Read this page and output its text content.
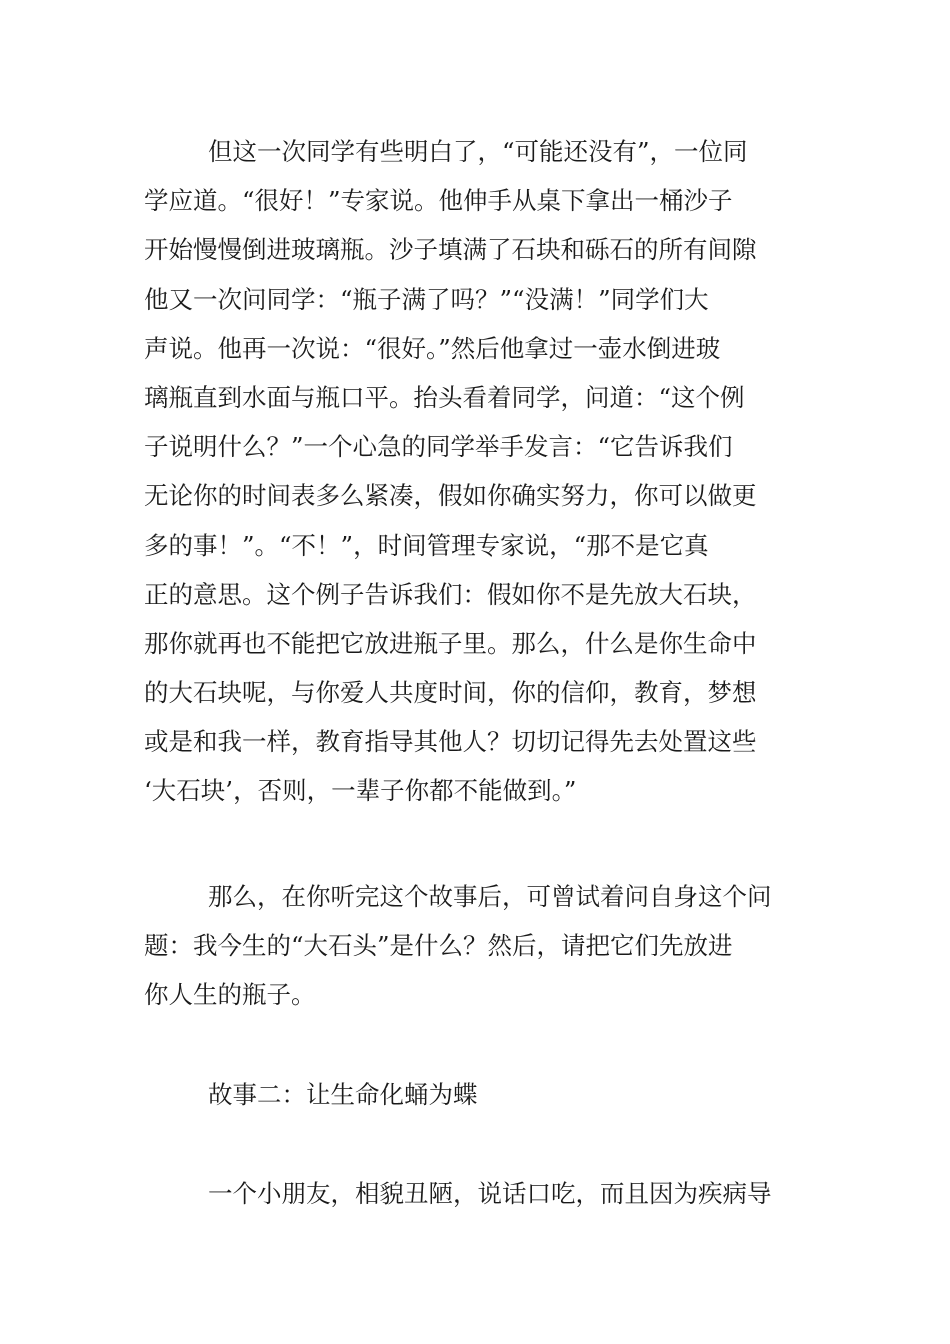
但这一次同学有些明白了，“可能还没有”，一位同
学应道。“很好！”专家说。他伸手从桌下拿出一桶沙子
开始慢慢倒进玻璃瓶。沙子填满了石块和砾石的所有间隙
他又一次问同学：“瓶子满了吗？”“没满！”同学们大
声说。他再一次说：“很好。”然后他拿过一壶水倒进玻
璃瓶直到水面与瓶口平。抬头看着同学，问道：“这个例
子说明什么？”一个心急的同学举手发言：“它告诉我们
无论你的时间表多么紧凑，假如你确实努力，你可以做更
多的事！”。“不！”，时间管理专家说，“那不是它真
正的意思。这个例子告诉我们：假如你不是先放大石块，
那你就再也不能把它放进瓶子里。那么，什么是你生命中
的大石块呢，与你爱人共度时间，你的信仰，教育，梦想
或是和我一样，教育指导其他人？切切记得先去处置这些
‘大石块’，否则，一辈子你都不能做到。”
那么，在你听完这个故事后，可曾试着问自身这个问
题：我今生的“大石头”是什么？然后，请把它们先放进
你人生的瓶子。
故事二：让生命化蛹为蝶
一个小朋友，相貌丑陋，说话口吃，而且因为疾病导
